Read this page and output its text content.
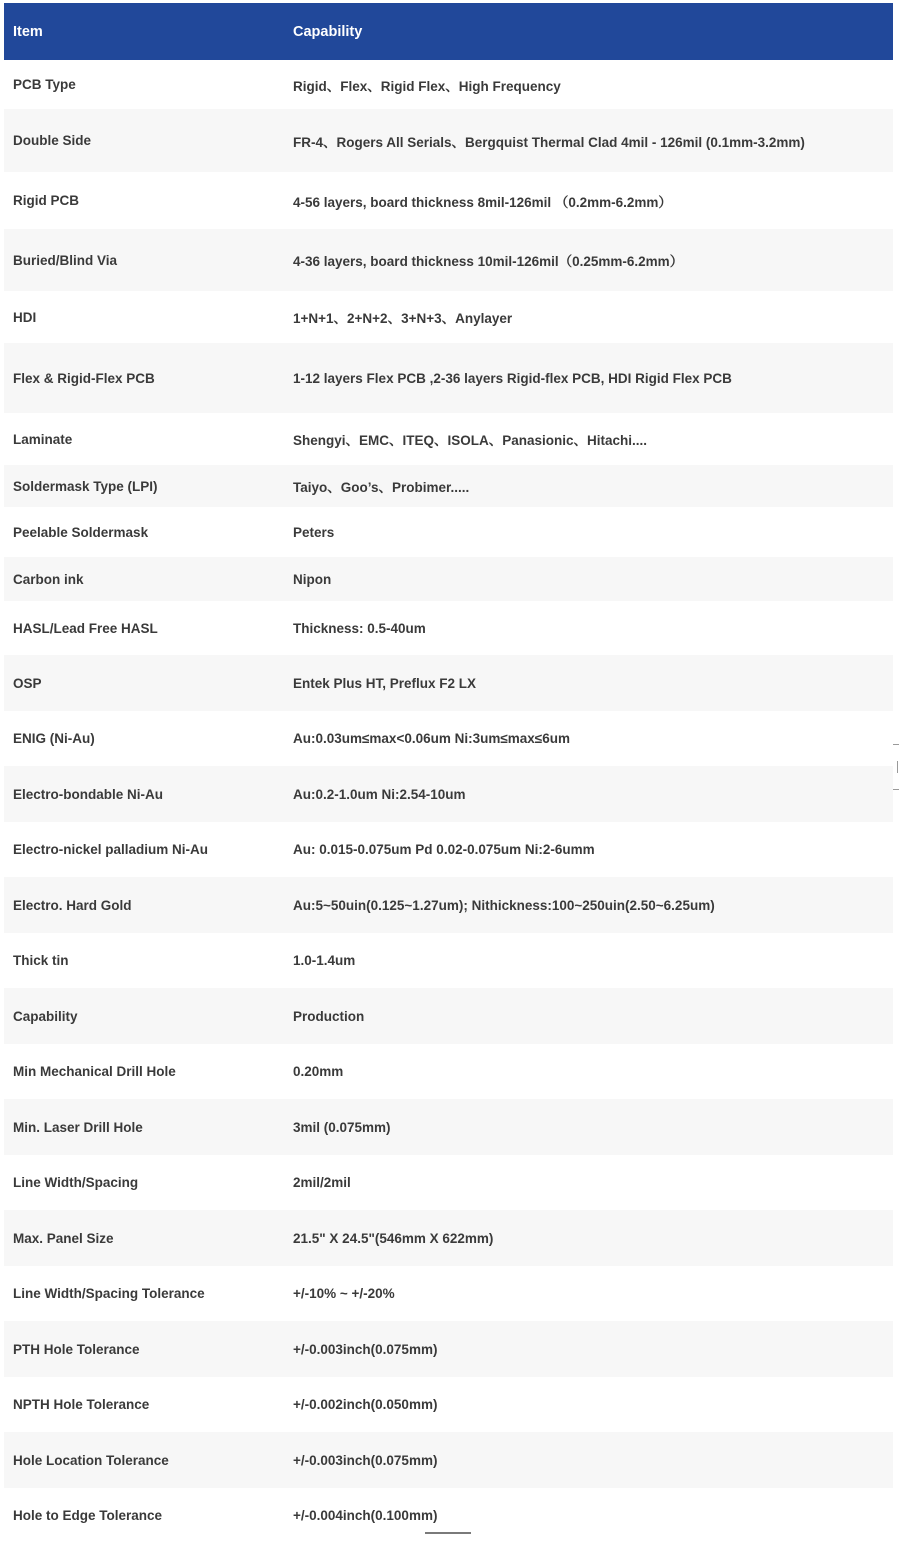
Item	Capability
PCB Type	Rigid、Flex、Rigid Flex、High Frequency
Double Side	FR-4、Rogers All Serials、Bergquist Thermal Clad 4mil - 126mil (0.1mm-3.2mm)
Rigid PCB	4-56 layers, board thickness 8mil-126mil （0.2mm-6.2mm）
Buried/Blind Via	4-36 layers, board thickness 10mil-126mil（0.25mm-6.2mm）
HDI	1+N+1、2+N+2、3+N+3、Anylayer
Flex & Rigid-Flex PCB	1-12 layers Flex PCB ,2-36 layers Rigid-flex PCB, HDI Rigid Flex PCB
Laminate	Shengyi、EMC、ITEQ、ISOLA、Panasionic、Hitachi....
Soldermask Type (LPI)	Taiyo、Goo’s、Probimer.....
Peelable Soldermask	Peters
Carbon ink	Nipon
HASL/Lead Free HASL	Thickness: 0.5-40um
OSP	Entek Plus HT, Preflux F2 LX
ENIG (Ni-Au)	Au:0.03um≤max<0.06um Ni:3um≤max≤6um
Electro-bondable Ni-Au	Au:0.2-1.0um Ni:2.54-10um
Electro-nickel palladium Ni-Au	Au: 0.015-0.075um Pd 0.02-0.075um Ni:2-6umm
Electro. Hard Gold	Au:5~50uin(0.125~1.27um); Nithickness:100~250uin(2.50~6.25um)
Thick tin	1.0-1.4um
Capability	Production
Min Mechanical Drill Hole	0.20mm
Min. Laser Drill Hole	3mil (0.075mm)
Line Width/Spacing	2mil/2mil
Max. Panel Size	21.5" X 24.5"(546mm X 622mm)
Line Width/Spacing Tolerance	+/-10% ~ +/-20%
PTH Hole Tolerance	+/-0.003inch(0.075mm)
NPTH Hole Tolerance	+/-0.002inch(0.050mm)
Hole Location Tolerance	+/-0.003inch(0.075mm)
Hole to Edge Tolerance	+/-0.004inch(0.100mm)
